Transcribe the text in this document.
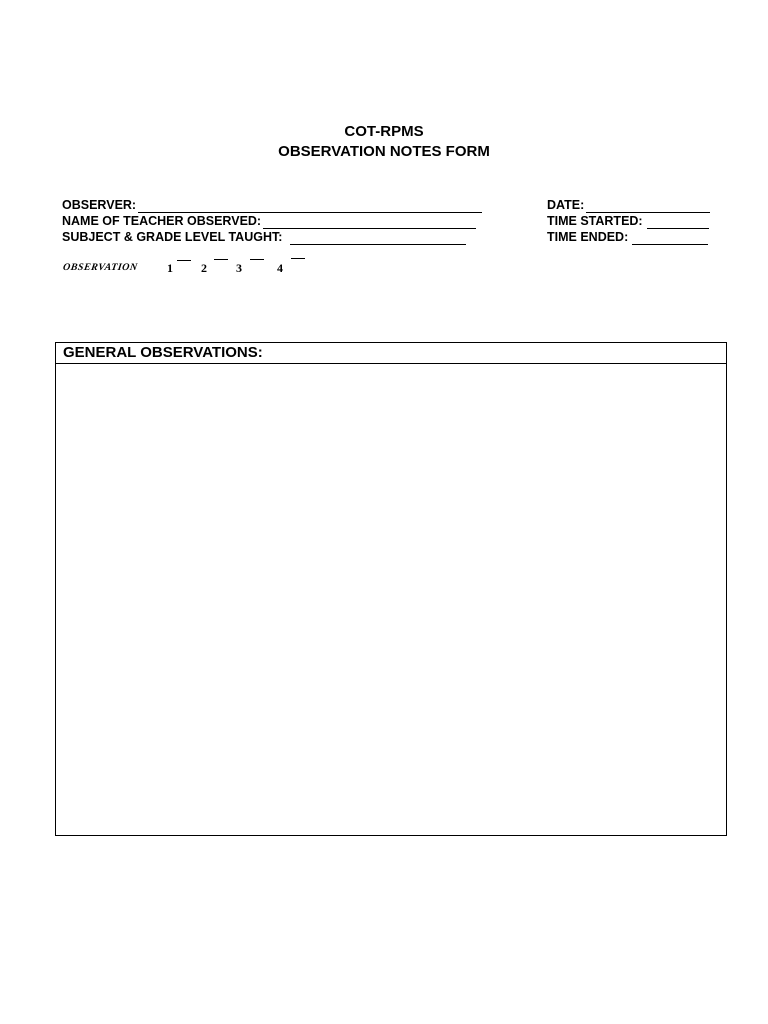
COT-RPMS
OBSERVATION NOTES FORM
OBSERVER:
NAME OF TEACHER OBSERVED:
SUBJECT & GRADE LEVEL TAUGHT:
DATE:
TIME STARTED:
TIME ENDED:
OBSERVATION 1 2 3	4
GENERAL OBSERVATIONS:
